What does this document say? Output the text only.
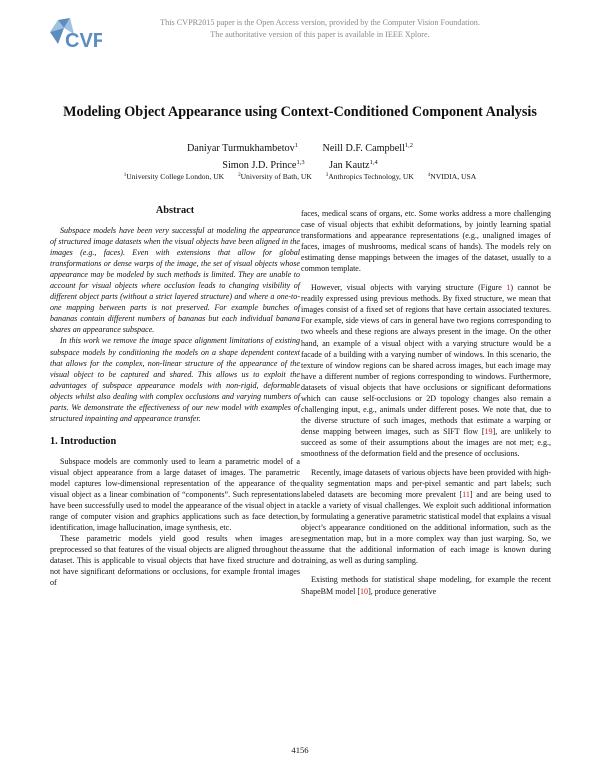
CVF
This CVPR2015 paper is the Open Access version, provided by the Computer Vision Foundation.
The authoritative version of this paper is available in IEEE Xplore.
Modeling Object Appearance using Context-Conditioned Component Analysis
Daniyar Turmukhambetov$^1$ Neill D.F. Campbell$^{1,2}$
Simon J.D. Prince$^{1,3}$ Jan Kautz$^{1,4}$
$^1$University College London, UK	$^2$University of Bath, UK	$^3$Anthropics Technology, UK	$^4$NVIDIA, USA
Abstract

Subspace models have been very successful at modeling the appearance of structured image datasets when the visual objects have been aligned in the images (e.g., faces). Even with extensions that allow for global transformations or dense warps of the image, the set of visual objects whose appearance may be modeled by such methods is limited. They are unable to account for visual objects where occlusion leads to changing visibility of different object parts (without a strict layered structure) and where a one-to-one mapping between parts is not preserved. For example bunches of bananas contain different numbers of bananas but each individual banana shares an appearance subspace.

In this work we remove the image space alignment limitations of existing subspace models by conditioning the models on a shape dependent context that allows for the complex, non-linear structure of the appearance of the visual object to be captured and shared. This allows us to exploit the advantages of subspace appearance models with non-rigid, deformable objects whilst also dealing with complex occlusions and varying numbers of parts. We demonstrate the effectiveness of our new model with examples of structured inpainting and appearance transfer.

1. Introduction

Subspace models are commonly used to learn a parametric model of a visual object appearance from a large dataset of images. The parametric model captures low-dimensional representation of the appearance of the visual object as a linear combination of “components”. Such representations have been successfully used to model the appearance of the visual object in a range of computer vision and graphics applications such as face detection, identification, image hallucination, image synthesis, etc.

These parametric models yield good results when images are preprocessed so that features of the visual objects are aligned throughout the dataset. This is applicable to visual objects that have fixed structure and do not have significant deformations or occlusions, for example frontal images of

faces, medical scans of organs, etc. Some works address a more challenging case of visual objects that exhibit deformations, by jointly learning spatial transformations and appearance representations (e.g., unaligned images of faces, images of mushrooms, medical scans of hands). The models rely on estimating dense mappings between the images of the dataset, usually to a common template.

However, visual objects with varying structure (Figure 1) cannot be readily expressed using previous methods. By fixed structure, we mean that images consist of a fixed set of regions that have certain associated textures. For example, side views of cars in general have two regions corresponding to two wheels and these regions are always present in the image. On the other hand, an example of a visual object with a varying structure would be a facade of a building with a varying number of windows. In this scenario, the texture of window regions can be shared across images, but each image may have a different number of regions corresponding to windows. Furthermore, datasets of visual objects that have occlusions or significant deformations which can cause self-occlusions or 2D topology changes also remain a challenging input, e.g., animals under different poses. We note that, due to the diverse structure of such images, methods that estimate a warping or dense mapping between images, such as SIFT flow [19], are unlikely to succeed as some of their assumptions about the images are not met; e.g., smoothness of the deformation field and the presence of occlusions.

Recently, image datasets of various objects have been provided with high-quality segmentation maps and per-pixel semantic and part labels; such labeled datasets are becoming more prevalent [11] and are being used to tackle a variety of visual challenges. We exploit such additional information by formulating a generative parametric statistical model that explains a visual object’s appearance conditioned on the additional information, such as the segmentation map, but in a more complex way than just warping. So, we assume that the additional information of each image is known during training, as well as during sampling.

Existing methods for statistical shape modeling, for example the recent ShapeBM model [10], produce generative

4156
